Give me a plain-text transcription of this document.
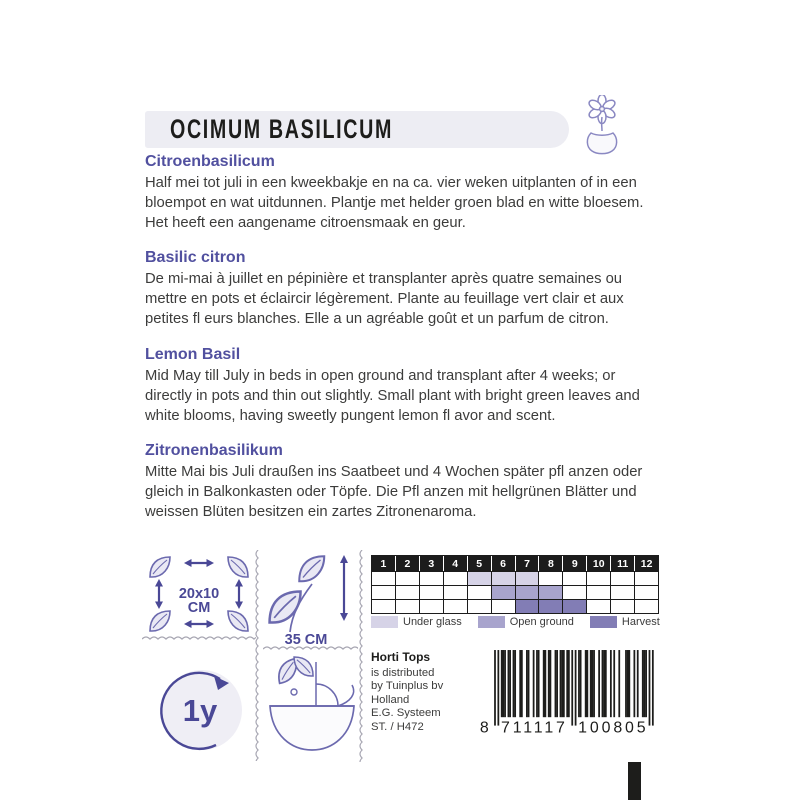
OCIMUM BASILICUM
Citroenbasilicum

Half mei tot juli in een kweekbakje en na ca. vier weken uitplanten of in een bloempot en wat uitdunnen. Plantje met helder groen blad en witte bloesem. Het heeft een aangename citroensmaak en geur.

Basilic citron

De mi-mai à juillet en pépinière et transplanter après quatre semaines ou mettre en pots et éclaircir légèrement. Plante au feuillage vert clair et aux petites fl eurs blanches. Elle a un agréable goût et un parfum de citron.

Lemon Basil

Mid May till July in beds in open ground and transplant after 4 weeks; or directly in pots and thin out slightly. Small plant with bright green leaves and white blooms, having sweetly pungent lemon fl avor and scent.

Zitronenbasilikum

Mitte Mai bis Juli draußen ins Saatbeet und 4 Wochen später pfl anzen oder gleich in Balkonkasten oder Töpfe. Die Pfl anzen mit hellgrünen Blätter und weissen Blüten besitzen ein zartes Zitronenaroma.

20x10
CM
35 CM
1y
1	2	3	4	5	6	7	8	9	10	11	12
Under glass	Open ground	Harvest
Horti Tops
is distributed
by Tuinplus bv
Holland
E.G. Systeem
ST. / H472	8 711117 100805
